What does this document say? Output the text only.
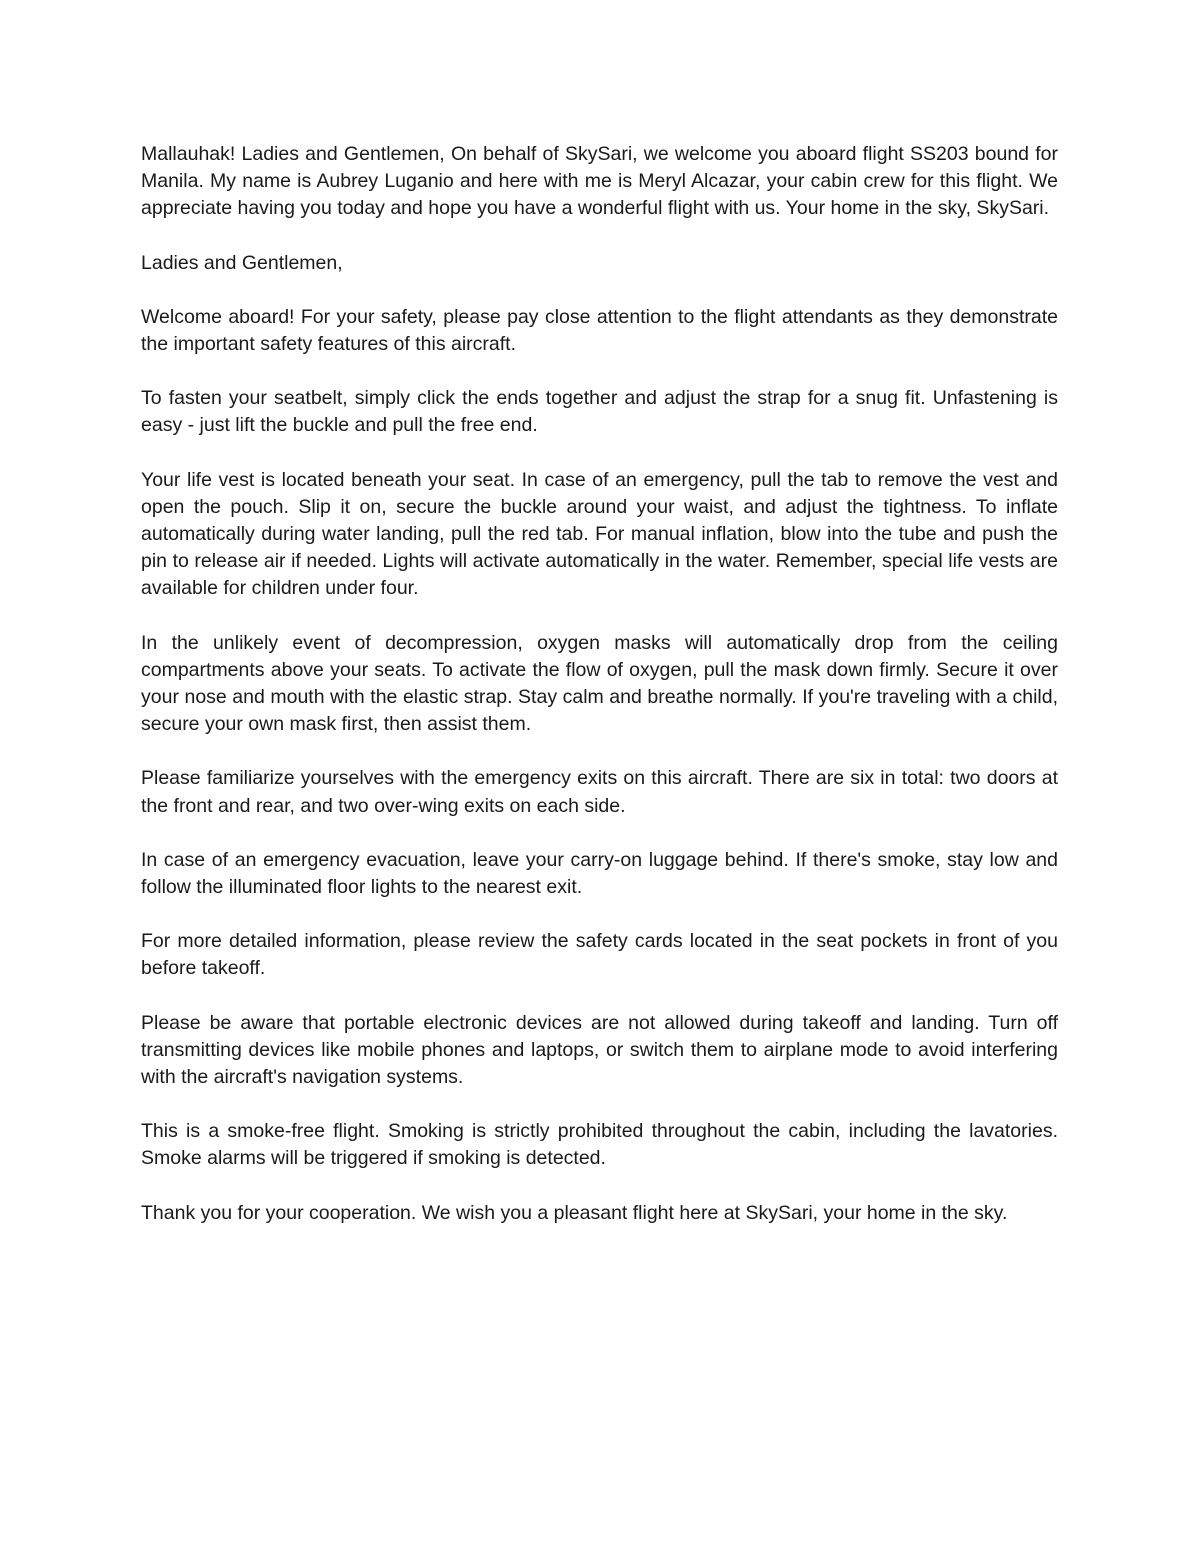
Mallauhak! Ladies and Gentlemen, On behalf of SkySari, we welcome you aboard flight SS203 bound for Manila. My name is Aubrey Luganio and here with me is Meryl Alcazar, your cabin crew for this flight. We appreciate having you today and hope you have a wonderful flight with us. Your home in the sky, SkySari.

Ladies and Gentlemen,

Welcome aboard! For your safety, please pay close attention to the flight attendants as they demonstrate the important safety features of this aircraft.

To fasten your seatbelt, simply click the ends together and adjust the strap for a snug fit. Unfastening is easy - just lift the buckle and pull the free end.

Your life vest is located beneath your seat. In case of an emergency, pull the tab to remove the vest and open the pouch. Slip it on, secure the buckle around your waist, and adjust the tightness. To inflate automatically during water landing, pull the red tab. For manual inflation, blow into the tube and push the pin to release air if needed. Lights will activate automatically in the water. Remember, special life vests are available for children under four.

In the unlikely event of decompression, oxygen masks will automatically drop from the ceiling compartments above your seats. To activate the flow of oxygen, pull the mask down firmly. Secure it over your nose and mouth with the elastic strap. Stay calm and breathe normally. If you're traveling with a child, secure your own mask first, then assist them.

Please familiarize yourselves with the emergency exits on this aircraft. There are six in total: two doors at the front and rear, and two over-wing exits on each side.

In case of an emergency evacuation, leave your carry-on luggage behind. If there's smoke, stay low and follow the illuminated floor lights to the nearest exit.

For more detailed information, please review the safety cards located in the seat pockets in front of you before takeoff.

Please be aware that portable electronic devices are not allowed during takeoff and landing. Turn off transmitting devices like mobile phones and laptops, or switch them to airplane mode to avoid interfering with the aircraft's navigation systems.

This is a smoke-free flight. Smoking is strictly prohibited throughout the cabin, including the lavatories. Smoke alarms will be triggered if smoking is detected.

Thank you for your cooperation. We wish you a pleasant flight here at SkySari, your home in the sky.
